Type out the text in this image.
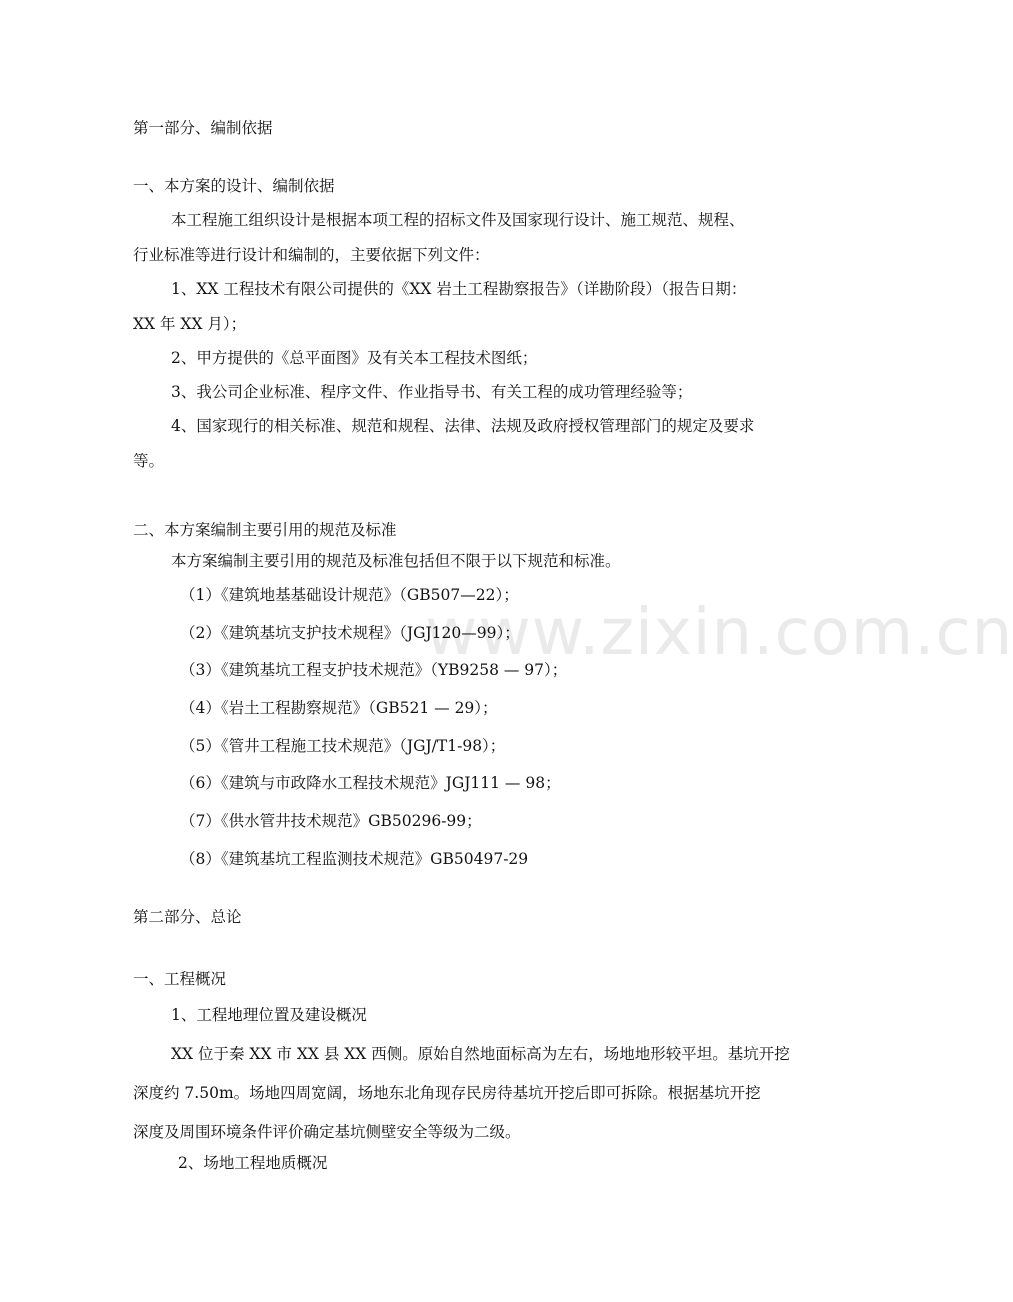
www.zixin.com.cn
第一部分、编制依据
一、本方案的设计、编制依据
本工程施工组织设计是根据本项工程的招标文件及国家现行设计、施工规范、规程、
行业标准等进行设计和编制的，主要依据下列文件：
1、XX 工程技术有限公司提供的《XX 岩土工程勘察报告》（详勘阶段）（报告日期：
XX 年 XX 月）；
2、甲方提供的《总平面图》及有关本工程技术图纸；
3、我公司企业标准、程序文件、作业指导书、有关工程的成功管理经验等；
4、国家现行的相关标准、规范和规程、法律、法规及政府授权管理部门的规定及要求
等。
二、本方案编制主要引用的规范及标准
本方案编制主要引用的规范及标准包括但不限于以下规范和标准。
（1）《建筑地基基础设计规范》（GB507—22）；
（2）《建筑基坑支护技术规程》（JGJ120—99）；
（3）《建筑基坑工程支护技术规范》（YB9258 — 97）；
（4）《岩土工程勘察规范》（GB521 — 29）；
（5）《管井工程施工技术规范》（JGJ/T1-98）；
（6）《建筑与市政降水工程技术规范》JGJ111 — 98；
（7）《供水管井技术规范》GB50296-99；
（8）《建筑基坑工程监测技术规范》GB50497-29
第二部分、总论
一、工程概况
1、工程地理位置及建设概况
XX 位于秦 XX 市 XX 县 XX 西侧。原始自然地面标高为左右，场地地形较平坦。基坑开挖
深度约 7.50m。场地四周宽阔，场地东北角现存民房待基坑开挖后即可拆除。根据基坑开挖
深度及周围环境条件评价确定基坑侧壁安全等级为二级。
2、场地工程地质概况
